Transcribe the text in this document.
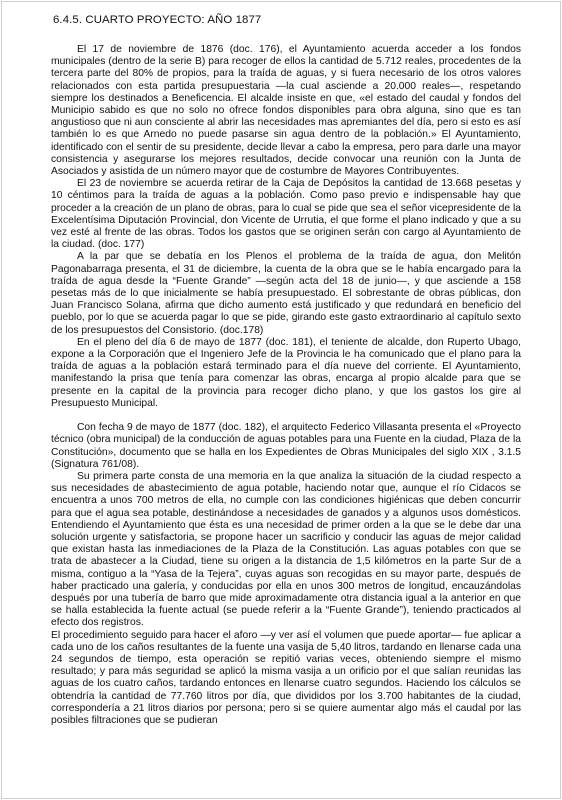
6.4.5. CUARTO PROYECTO: AÑO 1877

El 17 de noviembre de 1876 (doc. 176), el Ayuntamiento acuerda acceder a los fondos municipales (dentro de la serie B) para recoger de ellos la cantidad de 5.712 reales, procedentes de la tercera parte del 80% de propios, para la traída de aguas, y si fuera necesario de los otros valores relacionados con esta partida presupuestaria —la cual asciende a 20.000 reales—, respetando siempre los destinados a Beneficencia. El alcalde insiste en que, «el estado del caudal y fondos del Municipio sabido es que no solo no ofrece fondos disponibles para obra alguna, sino que es tan angustioso que ni aun consciente al abrir las necesidades mas apremiantes del día, pero si esto es así también lo es que Arnedo no puede pasarse sin agua dentro de la población.» El Ayuntamiento, identificado con el sentir de su presidente, decide llevar a cabo la empresa, pero para darle una mayor consistencia y asegurarse los mejores resultados, decide convocar una reunión con la Junta de Asociados y asistida de un número mayor que de costumbre de Mayores Contribuyentes.

El 23 de noviembre se acuerda retirar de la Caja de Depósitos la cantidad de 13.668 pesetas y 10 céntimos para la traída de aguas a la población. Como paso previo e indispensable hay que proceder a la creación de un plano de obras, para lo cual se pide que sea el señor vicepresidente de la Excelentísima Diputación Provincial, don Vicente de Urrutia, el que forme el plano indicado y que a su vez esté al frente de las obras. Todos los gastos que se originen serán con cargo al Ayuntamiento de la ciudad. (doc. 177)

A la par que se debatía en los Plenos el problema de la traída de agua, don Melitón Pagonabarraga presenta, el 31 de diciembre, la cuenta de la obra que se le había encargado para la traída de agua desde la “Fuente Grande” —según acta del 18 de junio—, y que asciende a 158 pesetas más de lo que inicialmente se había presupuestado. El sobrestante de obras públicas, don Juan Francisco Solana, afirma que dicho aumento está justificado y que redundará en beneficio del pueblo, por lo que se acuerda pagar lo que se pide, girando este gasto extraordinario al capítulo sexto de los presupuestos del Consistorio. (doc.178)

En el pleno del día 6 de mayo de 1877 (doc. 181), el teniente de alcalde, don Ruperto Ubago, expone a la Corporación que el Ingeniero Jefe de la Provincia le ha comunicado que el plano para la traída de aguas a la población estará terminado para el día nueve del corriente. El Ayuntamiento, manifestando la prisa que tenía para comenzar las obras, encarga al propio alcalde para que se presente en la capital de la provincia para recoger dicho plano, y que los gastos los gire al Presupuesto Municipal.

Con fecha 9 de mayo de 1877 (doc. 182), el arquitecto Federico Villasanta presenta el «Proyecto técnico (obra municipal) de la conducción de aguas potables para una Fuente en la ciudad, Plaza de la Constitución», documento que se halla en los Expedientes de Obras Municipales del siglo XIX , 3.1.5 (Signatura 761/08).

Su primera parte consta de una memoria en la que analiza la situación de la ciudad respecto a sus necesidades de abastecimiento de agua potable, haciendo notar que, aunque el río Cidacos se encuentra a unos 700 metros de ella, no cumple con las condiciones higiénicas que deben concurrir para que el agua sea potable, destinándose a necesidades de ganados y a algunos usos domésticos. Entendiendo el Ayuntamiento que ésta es una necesidad de primer orden a la que se le debe dar una solución urgente y satisfactoria, se propone hacer un sacrificio y conducir las aguas de mejor calidad que existan hasta las inmediaciones de la Plaza de la Constitución. Las aguas potables con que se trata de abastecer a la Ciudad, tiene su origen a la distancia de 1,5 kilómetros en la parte Sur de a misma, contiguo a la “Yasa de la Tejera”, cuyas aguas son recogidas en su mayor parte, después de haber practicado una galería, y conducidas por ella en unos 300 metros de longitud, encauzándolas después por una tubería de barro que mide aproximadamente otra distancia igual a la anterior en que se halla establecida la fuente actual (se puede referir a la “Fuente Grande”), teniendo practicados al efecto dos registros.

El procedimiento seguido para hacer el aforo —y ver así el volumen que puede aportar— fue aplicar a cada uno de los caños resultantes de la fuente una vasija de 5,40 litros, tardando en llenarse cada una 24 segundos de tiempo, esta operación se repitió varias veces, obteniendo siempre el mismo resultado; y para más seguridad se aplicó la misma vasija a un orificio por el que salían reunidas las aguas de los cuatro caños, tardando entonces en llenarse cuatro segundos. Haciendo los cálculos se obtendría la cantidad de 77.760 litros por día, que divididos por los 3.700 habitantes de la ciudad, correspondería a 21 litros diarios por persona; pero si se quiere aumentar algo más el caudal por las posibles filtraciones que se pudieran
